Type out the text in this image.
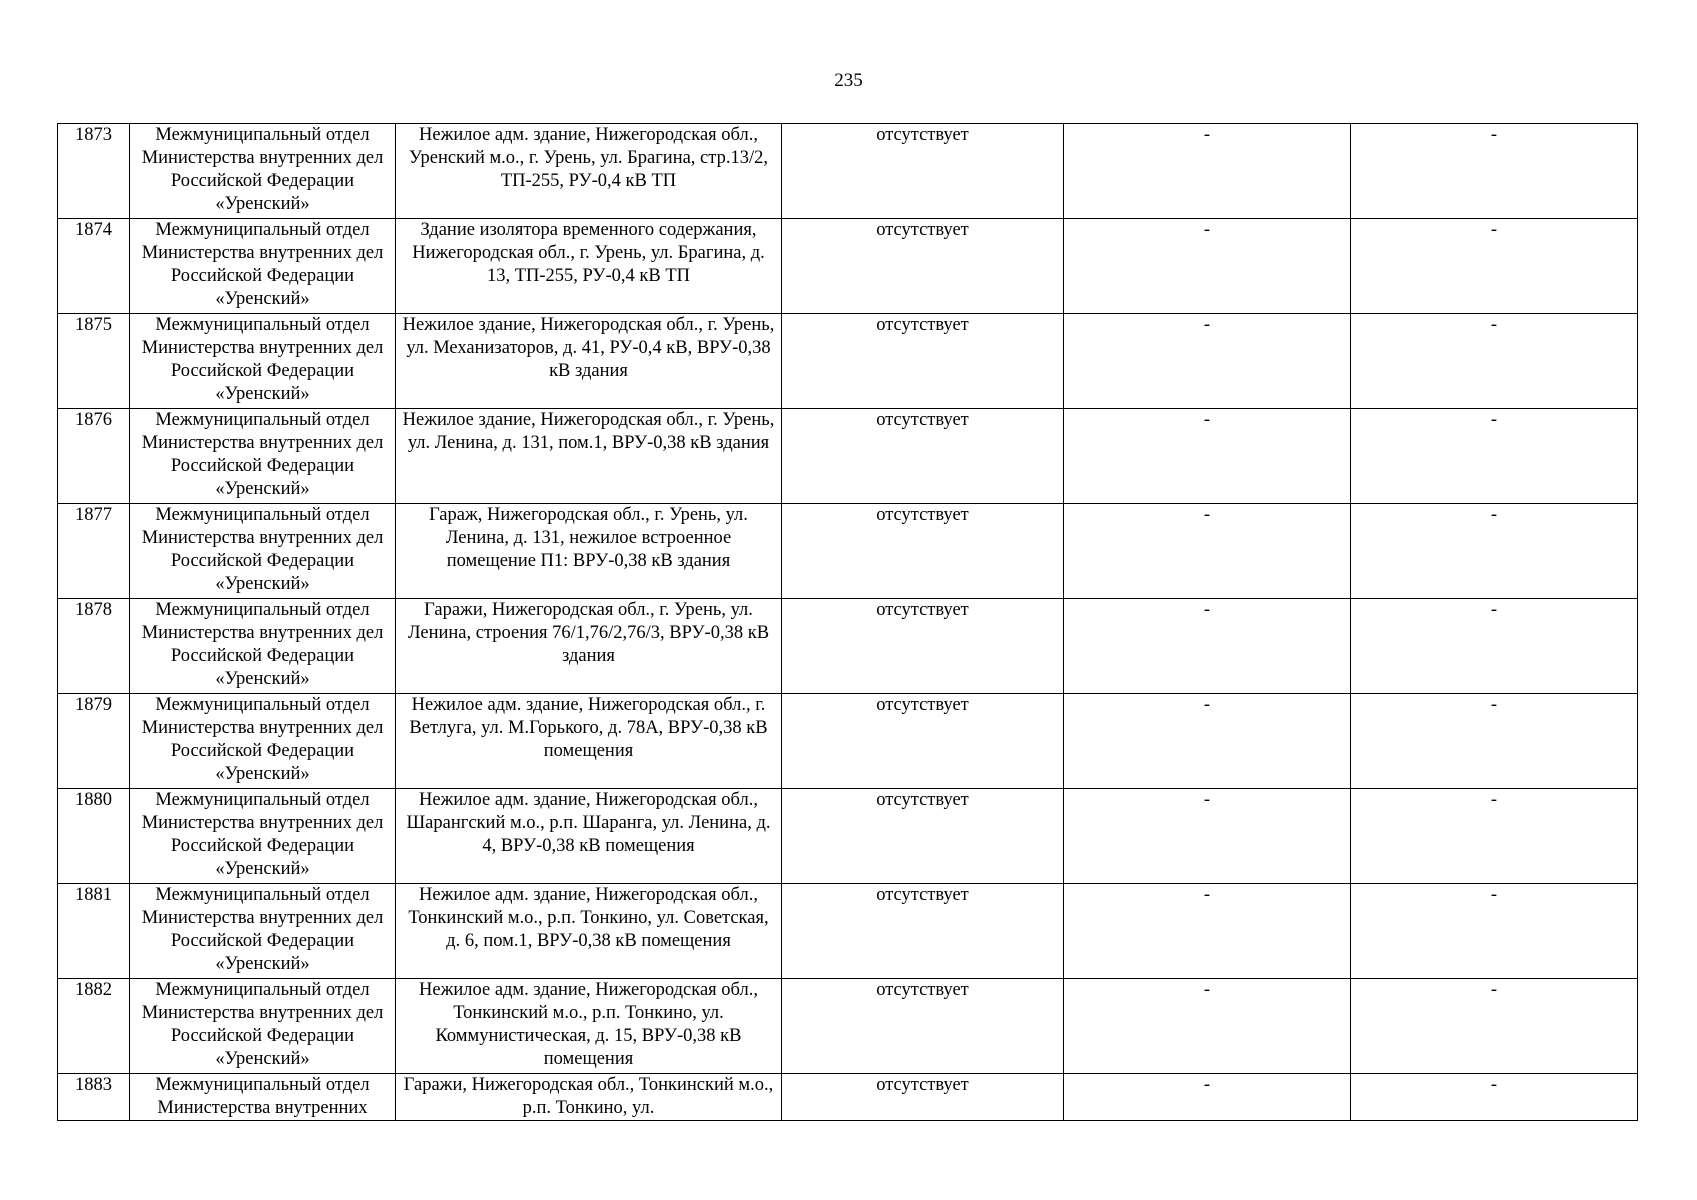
235
1873	Межмуниципальный отдел Министерства внутренних дел Российской Федерации «Уренский»	Нежилое адм. здание, Нижегородская обл., Уренский м.о., г. Урень, ул. Брагина, стр.13/2, ТП-255, РУ-0,4 кВ ТП	отсутствует	-	-
1874	Межмуниципальный отдел Министерства внутренних дел Российской Федерации «Уренский»	Здание изолятора временного содержания, Нижегородская обл., г. Урень, ул. Брагина, д. 13, ТП-255, РУ-0,4 кВ ТП	отсутствует	-	-
1875	Межмуниципальный отдел Министерства внутренних дел Российской Федерации «Уренский»	Нежилое здание, Нижегородская обл., г. Урень, ул. Механизаторов, д. 41, РУ-0,4 кВ, ВРУ-0,38 кВ здания	отсутствует	-	-
1876	Межмуниципальный отдел Министерства внутренних дел Российской Федерации «Уренский»	Нежилое здание, Нижегородская обл., г. Урень, ул. Ленина, д. 131, пом.1, ВРУ-0,38 кВ здания	отсутствует	-	-
1877	Межмуниципальный отдел Министерства внутренних дел Российской Федерации «Уренский»	Гараж, Нижегородская обл., г. Урень, ул. Ленина, д. 131, нежилое встроенное помещение П1: ВРУ-0,38 кВ здания	отсутствует	-	-
1878	Межмуниципальный отдел Министерства внутренних дел Российской Федерации «Уренский»	Гаражи, Нижегородская обл., г. Урень, ул. Ленина, строения 76/1,76/2,76/3, ВРУ-0,38 кВ здания	отсутствует	-	-
1879	Межмуниципальный отдел Министерства внутренних дел Российской Федерации «Уренский»	Нежилое адм. здание, Нижегородская обл., г. Ветлуга, ул. М.Горького, д. 78А, ВРУ-0,38 кВ помещения	отсутствует	-	-
1880	Межмуниципальный отдел Министерства внутренних дел Российской Федерации «Уренский»	Нежилое адм. здание, Нижегородская обл., Шарангский м.о., р.п. Шаранга, ул. Ленина, д. 4, ВРУ-0,38 кВ помещения	отсутствует	-	-
1881	Межмуниципальный отдел Министерства внутренних дел Российской Федерации «Уренский»	Нежилое адм. здание, Нижегородская обл., Тонкинский м.о., р.п. Тонкино, ул. Советская, д. 6, пом.1, ВРУ-0,38 кВ помещения	отсутствует	-	-
1882	Межмуниципальный отдел Министерства внутренних дел Российской Федерации «Уренский»	Нежилое адм. здание, Нижегородская обл., Тонкинский м.о., р.п. Тонкино, ул. Коммунистическая, д. 15, ВРУ-0,38 кВ помещения	отсутствует	-	-
1883	Межмуниципальный отдел Министерства внутренних	Гаражи, Нижегородская обл., Тонкинский м.о., р.п. Тонкино, ул.	отсутствует	-	-
